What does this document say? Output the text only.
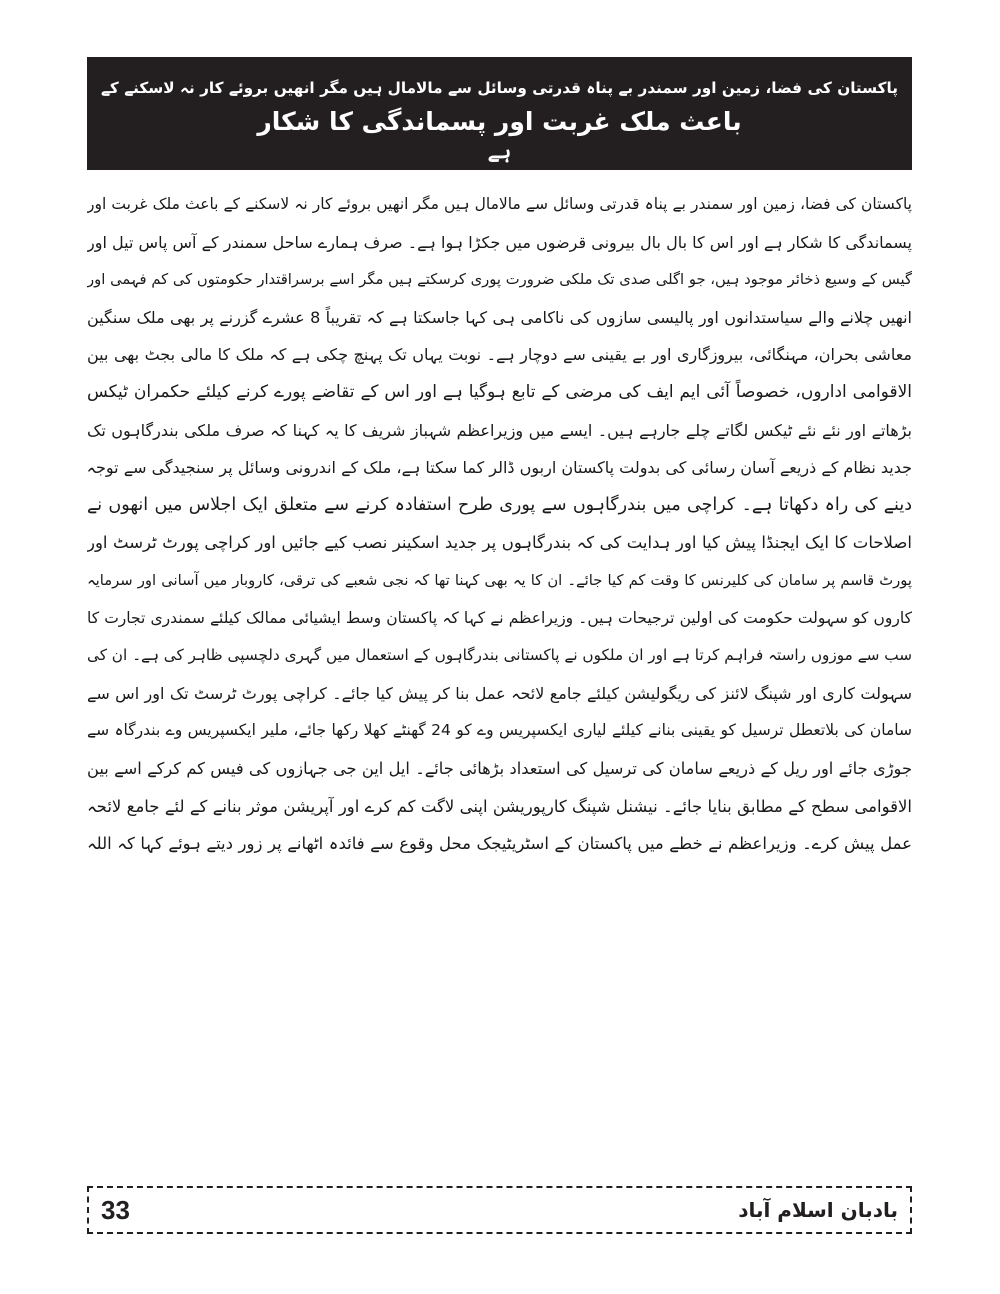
پاکستان کی فضا، زمین اور سمندر بے پناہ قدرتی وسائل سے مالامال ہیں مگر انھیں بروئے کار نہ لاسکنے کے
باعث ملک غربت اور پسماندگی کا شکار
ہے
پاکستان کی فضا، زمین اور سمندر بے پناہ قدرتی وسائل سے مالامال ہیں مگر انھیں بروئے کار نہ لاسکنے کے باعث ملک غربت اور
پسماندگی کا شکار ہے اور اس کا بال بال بیرونی قرضوں میں جکڑا ہوا ہے۔ صرف ہمارے ساحل سمندر کے آس پاس تیل اور
گیس کے وسیع ذخائر موجود ہیں، جو اگلی صدی تک ملکی ضرورت پوری کرسکتے ہیں مگر اسے برسراقتدار حکومتوں کی کم فہمی اور
انھیں چلانے والے سیاستدانوں اور پالیسی سازوں کی ناکامی ہی کہا جاسکتا ہے کہ تقریباً 8 عشرے گزرنے پر بھی ملک سنگین
معاشی بحران، مہنگائی، بیروزگاری اور بے یقینی سے دوچار ہے۔ نوبت یہاں تک پہنچ چکی ہے کہ ملک کا مالی بجٹ بھی بین
الاقوامی اداروں، خصوصاً آئی ایم ایف کی مرضی کے تابع ہوگیا ہے اور اس کے تقاضے پورے کرنے کیلئے حکمران ٹیکس
بڑھاتے اور نئے نئے ٹیکس لگاتے چلے جارہے ہیں۔ ایسے میں وزیراعظم شہباز شریف کا یہ کہنا کہ صرف ملکی بندرگاہوں تک
جدید نظام کے ذریعے آسان رسائی کی بدولت پاکستان اربوں ڈالر کما سکتا ہے، ملک کے اندرونی وسائل پر سنجیدگی سے توجہ
دینے کی راہ دکھاتا ہے۔ کراچی میں بندرگاہوں سے پوری طرح استفادہ کرنے سے متعلق ایک اجلاس میں انھوں نے
اصلاحات کا ایک ایجنڈا پیش کیا اور ہدایت کی کہ بندرگاہوں پر جدید اسکینر نصب کیے جائیں اور کراچی پورٹ ٹرسٹ اور
پورٹ قاسم پر سامان کی کلیرنس کا وقت کم کیا جائے۔ ان کا یہ بھی کہنا تھا کہ نجی شعبے کی ترقی، کاروبار میں آسانی اور سرمایہ
کاروں کو سہولت حکومت کی اولین ترجیحات ہیں۔ وزیراعظم نے کہا کہ پاکستان وسط ایشیائی ممالک کیلئے سمندری تجارت کا
سب سے موزوں راستہ فراہم کرتا ہے اور ان ملکوں نے پاکستانی بندرگاہوں کے استعمال میں گہری دلچسپی ظاہر کی ہے۔ ان کی
سہولت کاری اور شپنگ لائنز کی ریگولیشن کیلئے جامع لائحہ عمل بنا کر پیش کیا جائے۔ کراچی پورٹ ٹرسٹ تک اور اس سے
سامان کی بلاتعطل ترسیل کو یقینی بنانے کیلئے لیاری ایکسپریس وے کو 24 گھنٹے کھلا رکھا جائے، ملیر ایکسپریس وے بندرگاہ سے
جوڑی جائے اور ریل کے ذریعے سامان کی ترسیل کی استعداد بڑھائی جائے۔ ایل این جی جہازوں کی فیس کم کرکے اسے بین
الاقوامی سطح کے مطابق بنایا جائے۔ نیشنل شپنگ کارپوریشن اپنی لاگت کم کرے اور آپریشن موثر بنانے کے لئے جامع لائحہ
عمل پیش کرے۔ وزیراعظم نے خطے میں پاکستان کے اسٹریٹیجک محل وقوع سے فائدہ اٹھانے پر زور دیتے ہوئے کہا کہ اللہ
33	بادبان اسلام آباد
